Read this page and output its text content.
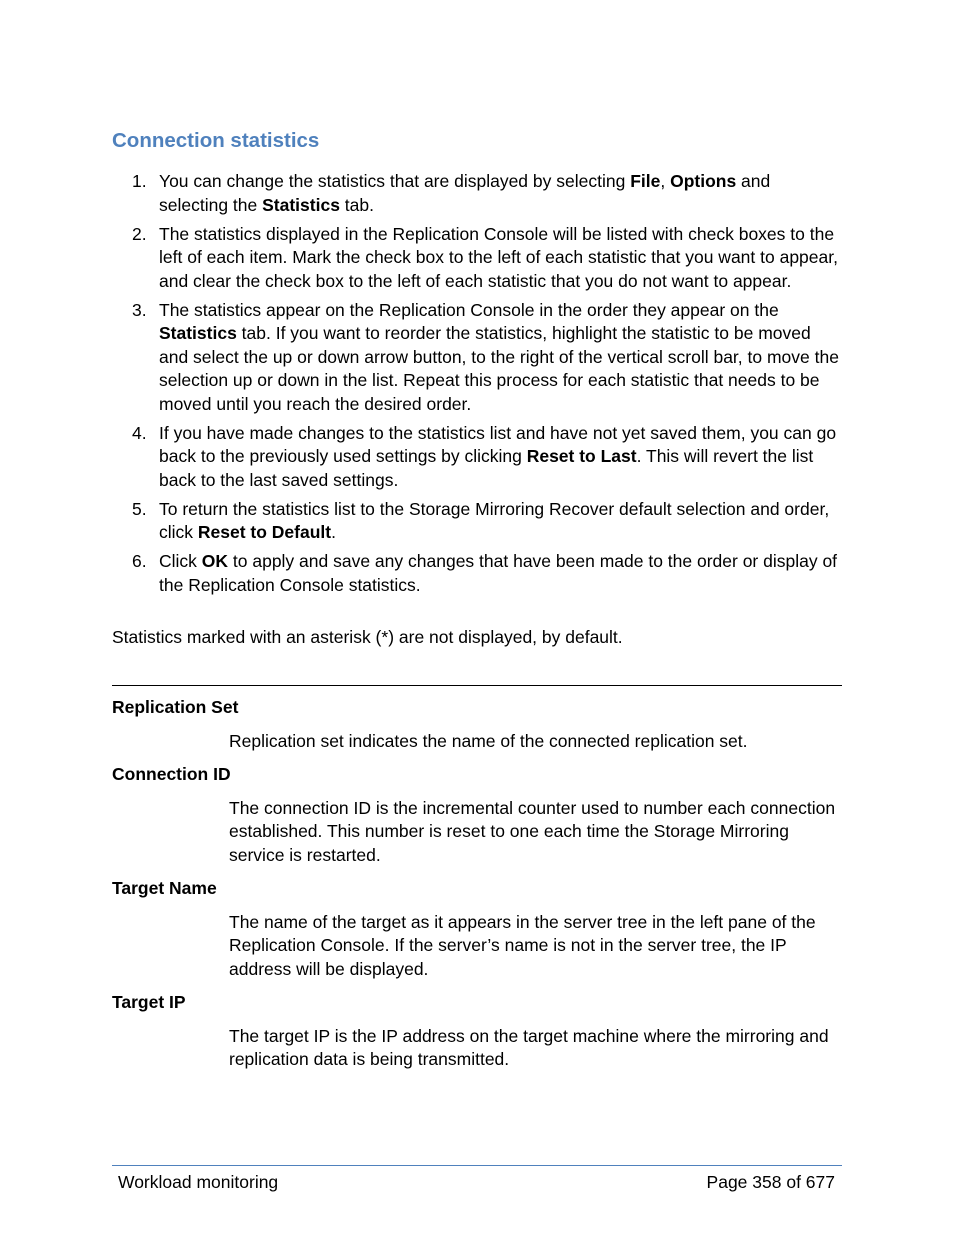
Connection statistics
1. You can change the statistics that are displayed by selecting File, Options and selecting the Statistics tab.
2. The statistics displayed in the Replication Console will be listed with check boxes to the left of each item. Mark the check box to the left of each statistic that you want to appear, and clear the check box to the left of each statistic that you do not want to appear.
3. The statistics appear on the Replication Console in the order they appear on the Statistics tab. If you want to reorder the statistics, highlight the statistic to be moved and select the up or down arrow button, to the right of the vertical scroll bar, to move the selection up or down in the list. Repeat this process for each statistic that needs to be moved until you reach the desired order.
4. If you have made changes to the statistics list and have not yet saved them, you can go back to the previously used settings by clicking Reset to Last. This will revert the list back to the last saved settings.
5. To return the statistics list to the Storage Mirroring Recover default selection and order, click Reset to Default.
6. Click OK to apply and save any changes that have been made to the order or display of the Replication Console statistics.

Statistics marked with an asterisk (*) are not displayed, by default.

Replication Set

Replication set indicates the name of the connected replication set.

Connection ID

The connection ID is the incremental counter used to number each connection established. This number is reset to one each time the Storage Mirroring service is restarted.

Target Name

The name of the target as it appears in the server tree in the left pane of the Replication Console. If the server’s name is not in the server tree, the IP address will be displayed.

Target IP

The target IP is the IP address on the target machine where the mirroring and replication data is being transmitted.

Workload monitoring	Page 358 of 677
